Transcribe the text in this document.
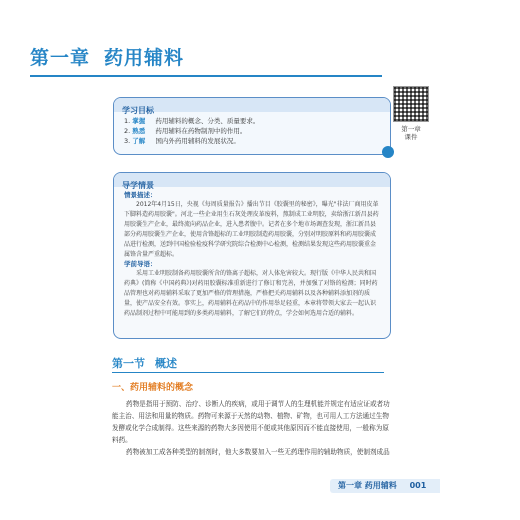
第一章 药用辅料
第一章
课件
学习目标
1. 掌握 药用辅料的概念、分类、质量要求。
2. 熟悉 药用辅料在药物制剂中的作用。
3. 了解 国内外药用辅料的发展状况。
导学情景
情景描述：
2012年4月15日，央视《每周质量报告》播出节目《胶囊里的秘密》，曝光"非法厂商用皮革下脚料造药用胶囊"。河北一些企业用生石灰处理皮革废料，熬制成工业明胶，卖给浙江新昌县药用胶囊生产企业，最终流向药品企业，进入患者腹中。记者在多个地市场调查发现，浙江新昌县部分药用胶囊生产企业，使用含铬超标的工业明胶制造药用胶囊，分别对明胶原料和药用胶囊成品进行检测，送到中国检验检疫科学研究院综合检测中心检测，检测结果发现这些药用胶囊重金属铬含量严重超标。
学前导语：
采用工业明胶制备药用胶囊所含的铬离子超标，对人体危害较大。现行版《中华人民共和国药典》(简称《中国药典》)对药用胶囊标准重新进行了修订和完善，并加强了对铬的检测；同时药品管理也对药用辅料采取了更加严格的管理措施，严格把关药用辅料以及各种辅料添加剂的质量，使产品安全有效。事实上，药用辅料在药品中的作用举足轻重，本章将带领大家去一起认识药品制剂过程中可能用到的多类药用辅料，了解它们的特点，学会如何选用合适的辅料。
第一节 概述
一、药用辅料的概念

药物是指用于预防、治疗、诊断人的疾病，或用于调节人的生理机能并规定有适应证或者功能主治、用法和用量的物质。药物可来源于天然的动物、植物、矿物，也可用人工方法通过生物发酵或化学合成制得。这些来源的药物大多因使用不便或其他原因而不能直接使用，一般称为原料药。

药物被加工成各种类型的制剂时，他大多数要加入一些无药理作用的辅助物质，使制剂成品

第一章 药用辅料 001
